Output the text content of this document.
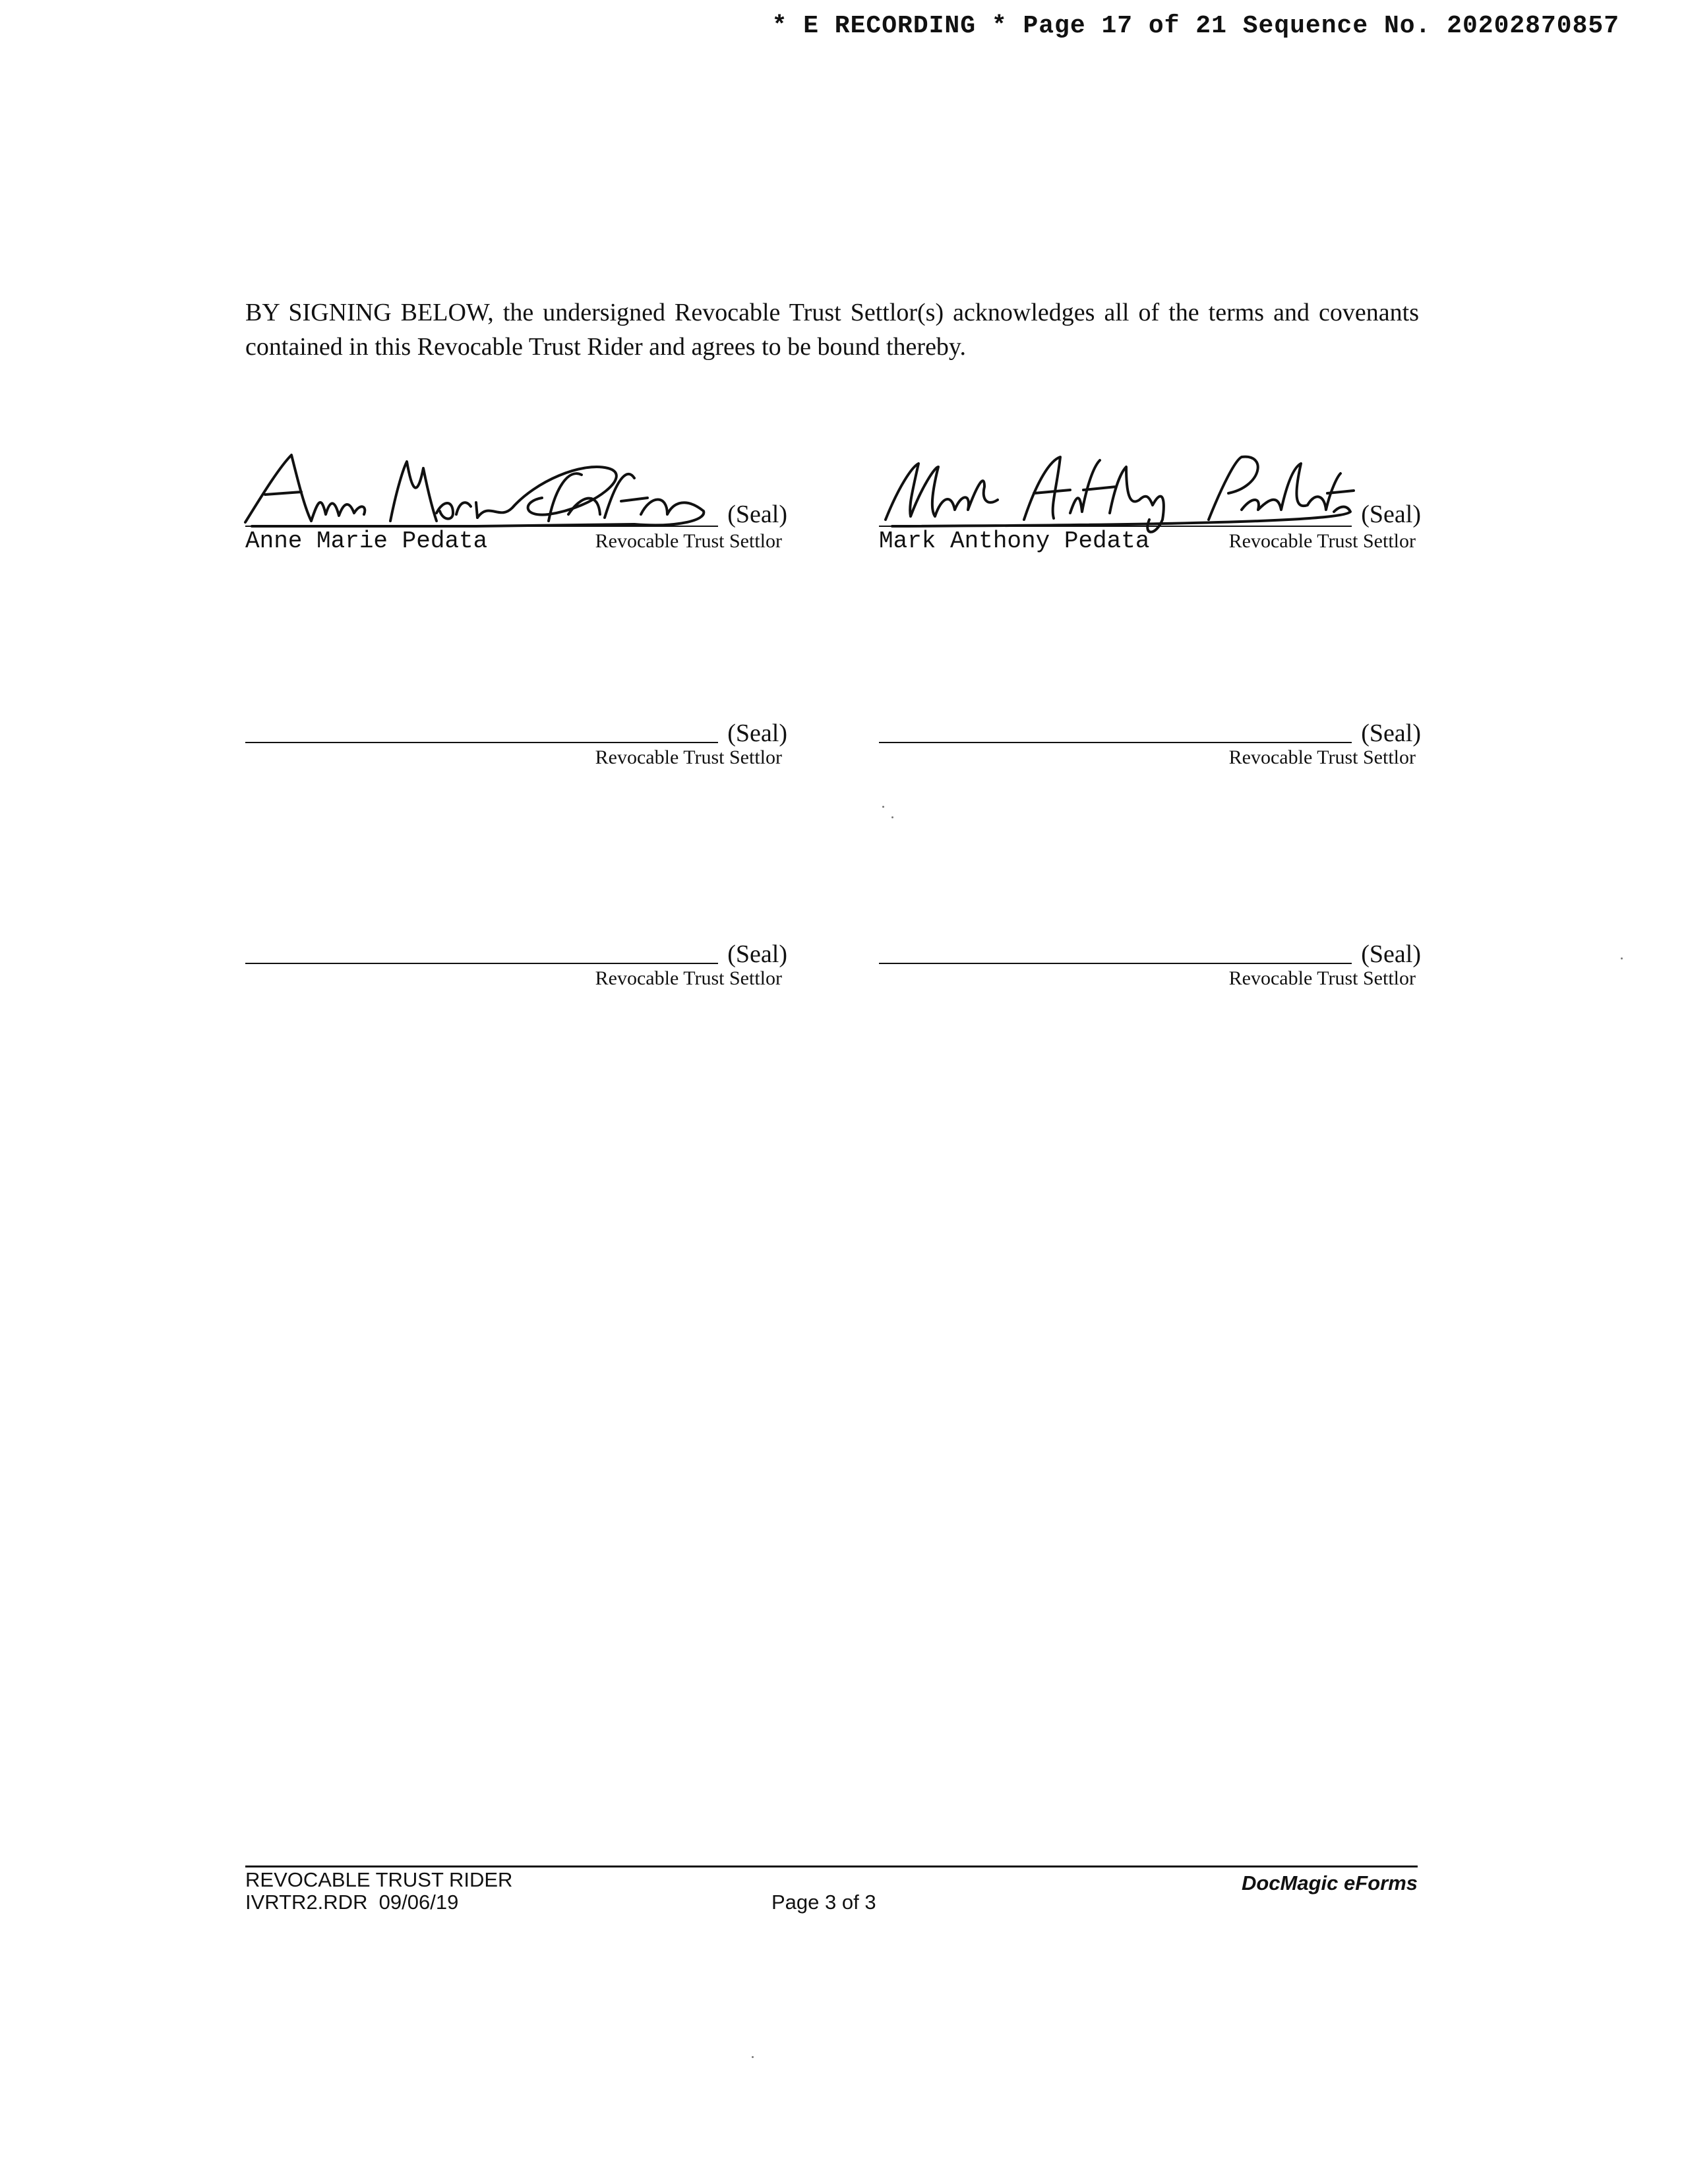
* E RECORDING * Page 17 of 21 Sequence No. 20202870857
BY SIGNING BELOW, the undersigned Revocable Trust Settlor(s) acknowledges all of the terms and covenants contained in this Revocable Trust Rider and agrees to be bound thereby.
(Seal)
Anne Marie Pedata	Revocable Trust Settlor
(Seal)
Mark Anthony Pedata	Revocable Trust Settlor
(Seal)
Revocable Trust Settlor
(Seal)
Revocable Trust Settlor
(Seal)
Revocable Trust Settlor
(Seal)
Revocable Trust Settlor
REVOCABLE TRUST RIDER
IVRTR2.RDR  09/06/19	Page 3 of 3
DocMagic eForms
